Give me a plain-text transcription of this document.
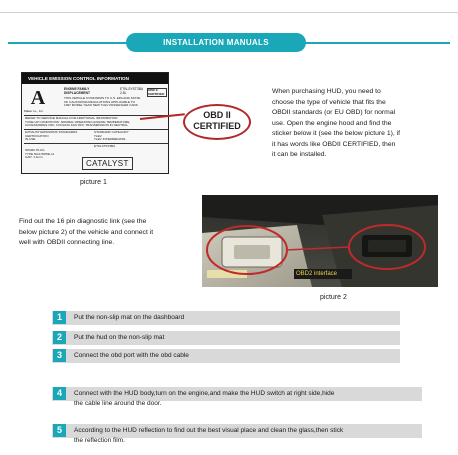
INSTALLATION MANUALS
VEHICLE EMISSION CONTROL INFORMATION
A
Maker co., Inc.
ENGINE FAMILY
DISPLACEMENT
ETKLSYST3BA
2.8L
OBD II CERTIFIED
THIS VEHICLE CONFORMS TO U.S. EPA AND STATE
OF CALIFORNIA REGULATIONS APPLICABLE TO
1997 MODEL YEAR NEW TLEV PASSENGER CARS
REFER TO SERVICE MANUAL FOR ADDITIONAL INFORMATION
TUNE-UP CONDITIONS: NORMAL OPERATING ENGINE TEMPERATURE,
ACCESSORIES OFF, COOLING FAN OFF, TRANSMISSION IN NEUTRAL
EXHAUST EMISSIONS STANDARDS
CERTIFICATION
IN-USE
STANDARD CATEGORY
TLEV
TLEV INTERMEDIATE
SPARK PLUG
TYPE NGK BPRE-11
GAP: 1.1mm
ETKL3TST3BA
CATALYST
OBD II CERTIFIED
picture 1
When purchasing HUD, you need to
choose the type of vehicle that fits the
OBDII standards (or EU OBD) for normal
use. Open the engine hood and find the
sticker below it (see the below picture 1), if
it has words like OBDII CERTIFIED, then
it can be installed.
Find out the 16 pin diagnostic link (see the
below picture 2) of the vehicle and connect it
well with OBDII connecting line.
OBD2 interface
picture 2
1	Put the non-slip mat on the dashboard
2	Put the hud on the non-slip mat
3	Connect the obd port with the obd cable
4	Connect with the HUD body,turn on the engine,and make the HUD switch at right side,hide
the cable line around the door.
5	According to the HUD reflection to find out the best visual place and clean the glass,then stick
the reflection film.
